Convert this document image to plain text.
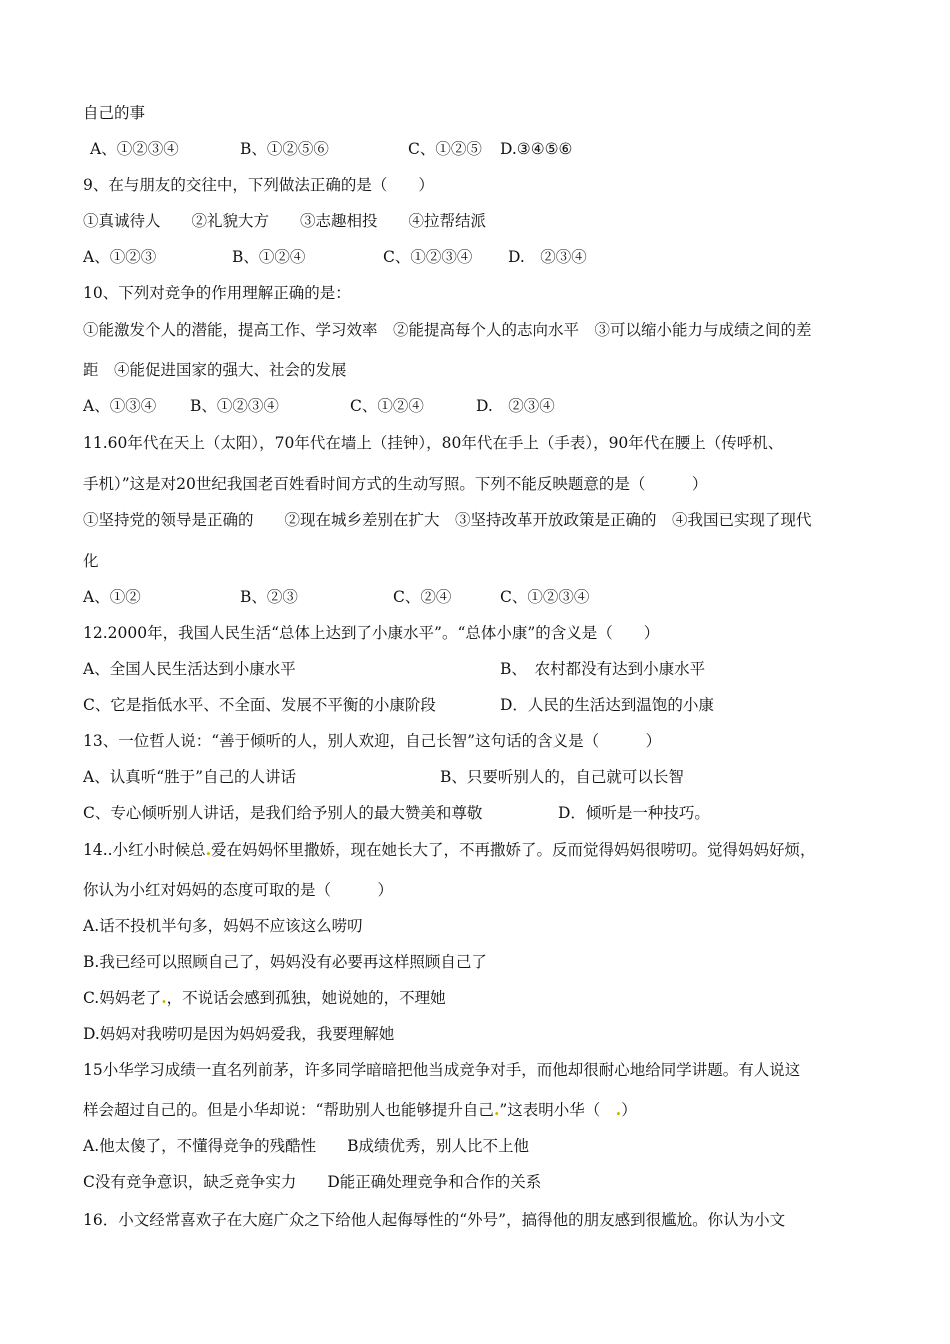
自己的事
A、①②③④	B、①②⑤⑥	C、①②⑤ D.③④⑤⑥
9、在与朋友的交往中，下列做法正确的是（　　）
①真诚待人　　②礼貌大方　　③志趣相投　　④拉帮结派
A、①②③	B、①②④	C、①②③④ D.　②③④
10、下列对竞争的作用理解正确的是：
①能激发个人的潜能，提高工作、学习效率　②能提高每个人的志向水平　③可以缩小能力与成绩之间的差
距　④能促进国家的强大、社会的发展
A、①③④ B、①②③④	C、①②④	D.　②③④
11.60年代在天上（太阳），70年代在墙上（挂钟），80年代在手上（手表），90年代在腰上（传呼机、
手机）”这是对20世纪我国老百姓看时间方式的生动写照。下列不能反映题意的是（　　　）
①坚持党的领导是正确的　　②现在城乡差别在扩大　③坚持改革开放政策是正确的　④我国已实现了现代
化
A、①②	B、②③	C、②④	C、①②③④
12.2000年，我国人民生活“总体上达到了小康水平”。“总体小康”的含义是（　　）
A、全国人民生活达到小康水平	B、　农村都没有达到小康水平
C、它是指低水平、不全面、发展不平衡的小康阶段	D．人民的生活达到温饱的小康
13、一位哲人说：“善于倾听的人，别人欢迎，自己长智”这句话的含义是（　　　）
A、认真听“胜于”自己的人讲话	B、只要听别人的，自己就可以长智
C、专心倾听别人讲话，是我们给予别人的最大赞美和尊敬	D．倾听是一种技巧。
14..小红小时候总.爱在妈妈怀里撒娇，现在她长大了，不再撒娇了。反而觉得妈妈很唠叨。觉得妈妈好烦，
你认为小红对妈妈的态度可取的是（　　　）
A.话不投机半句多，妈妈不应该这么唠叨
B.我已经可以照顾自己了，妈妈没有必要再这样照顾自己了
C.妈妈老了.，不说话会感到孤独，她说她的，不理她
D.妈妈对我唠叨是因为妈妈爱我，我要理解她
15小华学习成绩一直名列前茅，许多同学暗暗把他当成竞争对手，而他却很耐心地给同学讲题。有人说这
样会超过自己的。但是小华却说：“帮助别人也能够提升自己.”这表明小华（　.）
A.他太傻了，不懂得竞争的残酷性　　B成绩优秀，别人比不上他
C没有竞争意识，缺乏竞争实力　　D能正确处理竞争和合作的关系
16．小文经常喜欢子在大庭广众之下给他人起侮辱性的“外号”，搞得他的朋友感到很尴尬。你认为小文
